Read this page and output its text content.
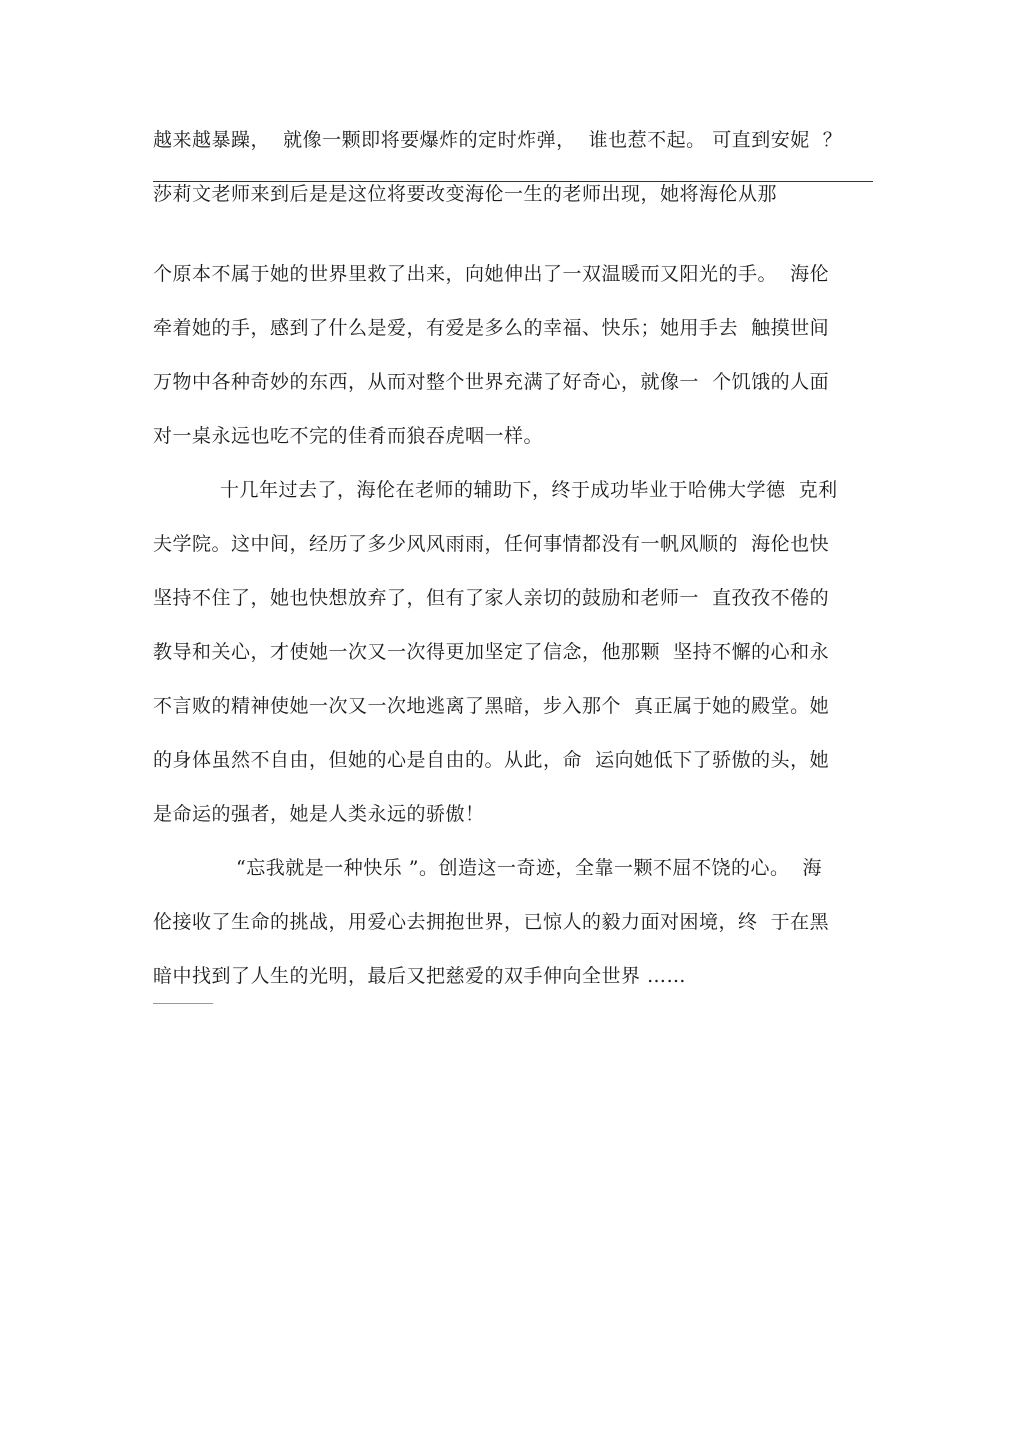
越来越暴躁，  就像一颗即将要爆炸的定时炸弹，  谁也惹不起。 可直到安妮  ？
莎莉文老师来到后是是这位将要改变海伦一生的老师出现，她将海伦从那
个原本不属于她的世界里救了出来，向她伸出了一双温暖而又阳光的手。  海伦
牵着她的手，感到了什么是爱，有爱是多么的幸福、快乐；她用手去  触摸世间
万物中各种奇妙的东西，从而对整个世界充满了好奇心，就像一  个饥饿的人面
对一桌永远也吃不完的佳肴而狼吞虎咽一样。
十几年过去了，海伦在老师的辅助下，终于成功毕业于哈佛大学德  克利
夫学院。这中间，经历了多少风风雨雨，任何事情都没有一帆风顺的  海伦也快
坚持不住了，她也快想放弃了，但有了家人亲切的鼓励和老师一  直孜孜不倦的
教导和关心，才使她一次又一次得更加坚定了信念，他那颗  坚持不懈的心和永
不言败的精神使她一次又一次地逃离了黑暗，步入那个  真正属于她的殿堂。她
的身体虽然不自由，但她的心是自由的。从此，命  运向她低下了骄傲的头，她
是命运的强者，她是人类永远的骄傲！
“忘我就是一种快乐 ”。创造这一奇迹，全靠一颗不屈不饶的心。  海
伦接收了生命的挑战，用爱心去拥抱世界，已惊人的毅力面对困境，终  于在黑
暗中找到了人生的光明，最后又把慈爱的双手伸向全世界 ……
